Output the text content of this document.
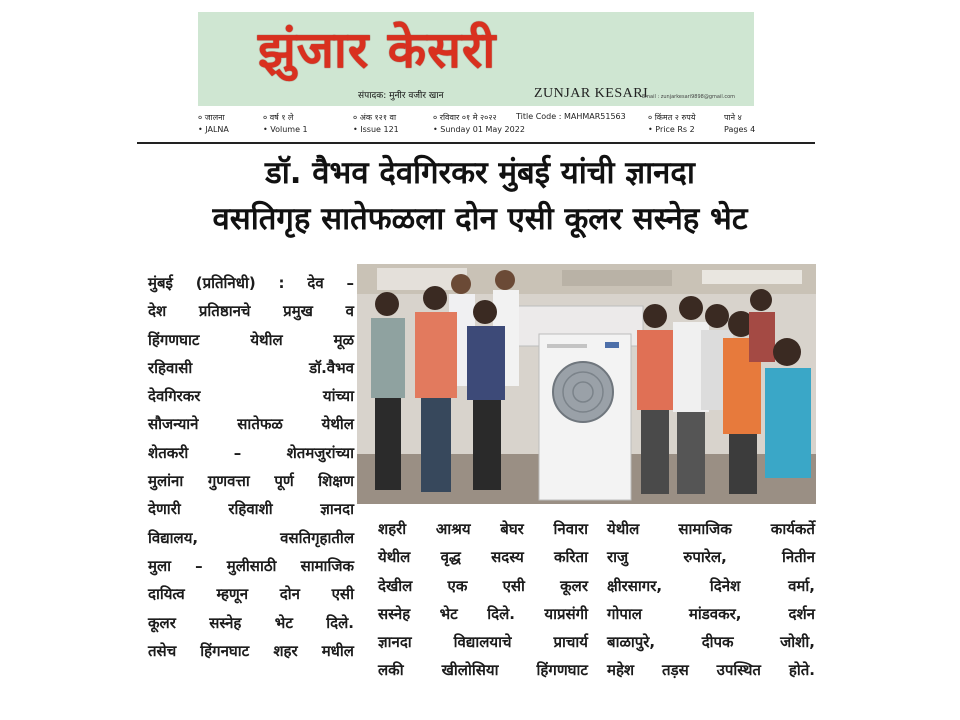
झुंजार केसरी
संपादक: मुनीर वजीर खान	ZUNJAR KESARI
Email : zunjarkesari9898@gmail.com
० जालना	० वर्ष १ ले	० अंक १२१ वा	० रविवार ०१ मे २०२२ Title Code : MAHMAR51563	० किंमत २ रुपये	पाने ४
• JALNA	• Volume 1	• Issue 121	• Sunday 01 May 2022	• Price Rs 2	Pages 4
डॉ. वैभव देवगिरकर मुंबई यांची ज्ञानदा
वसतिगृह सातेफळला दोन एसी कूलर सस्नेह भेट
मुंबई (प्रतिनिधी) : देव –
देश प्रतिष्ठानचे प्रमुख व
हिंगणघाट	येथील	मूळ
रहिवासी	डॉ.वैभव
देवगिरकर	यांच्या
सौजन्याने	सातेफळ	येथील
शेतकरी	–	शेतमजुरांच्या
मुलांना गुणवत्ता पूर्ण शिक्षण
देणारी	रहिवाशी	ज्ञानदा
विद्यालय,	वसतिगृहातील
मुला – मुलीसाठी सामाजिक
दायित्व म्हणून दोन एसी
कूलर सस्नेह भेट दिले.
तसेच हिंगनघाट शहर मधील
शहरी आश्रय बेघर निवारा
येथील वृद्ध सदस्य करिता
देखील एक एसी कूलर
सस्नेह भेट दिले. याप्रसंगी
ज्ञानदा	विद्यालयाचे	प्राचार्य
लकी	खीलोसिया	हिंगणघाट
येथील	सामाजिक	कार्यकर्ते
राजु	रुपारेल,	नितीन
क्षीरसागर,	दिनेश	वर्मा,
गोपाल	मांडवकर,	दर्शन
बाळापुरे,	दीपक	जोशी,
महेश तड़स उपस्थित होते.
